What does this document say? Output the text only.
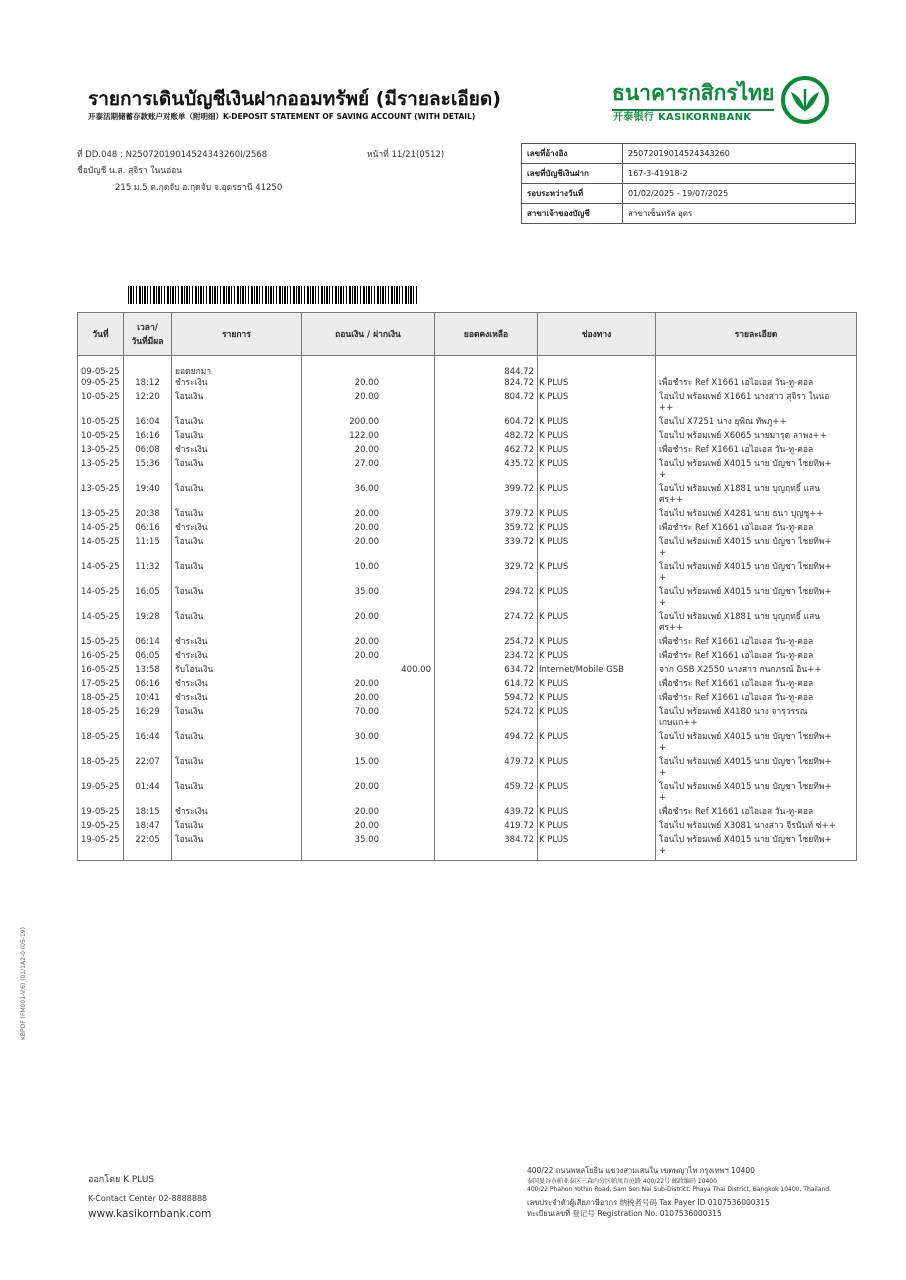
รายการเดินบัญชีเงินฝากออมทรัพย์ (มีรายละเอียด)
开泰活期储蓄存款账户对账单（附明细）K-DEPOSIT STATEMENT OF SAVING ACCOUNT (WITH DETAIL)
ธนาคารกสิกรไทย
开泰银行 KASIKORNBANK
ที่ DD.048 : N2507201901452434326​0I/2568	หน้าที่ 11/21(0512)
ชื่อบัญชี น.ส. สุจิรา ในนอ่อน
215 ม.5 ต.กุดจับ อ.กุดจับ จ.อุดรธานี 41250
เลขที่อ้างอิง	250720190145243432​60
เลขที่บัญชีเงินฝาก	167-3-41918-2
รอบระหว่างวันที่	01/02/2025 - 19/07/2025
สาขาเจ้าของบัญชี	สาขาเซ็นทรัล อุดร
วันที่	เวลา/
วันที่มีผล	รายการ	ถอนเงิน / ฝากเงิน	ยอดคงเหลือ	ช่องทาง	รายละเอียด
09-05-25		ยอดยกมา		844.72		
09-05-25	18:12	ชำระเงิน	20.00	824.72	K PLUS	เพื่อชำระ Ref X1661 เอไอเอส วัน-ทู-คอล
10-05-25	12:20	โอนเงิน	20.00	804.72	K PLUS	โอนไป พร้อมเพย์ X1661 นางสาว สุจิรา ในนอ
++
10-05-25	16:04	โอนเงิน	200.00	604.72	K PLUS	โอนไป X7251 นาง ยุพิณ ทัพภู++
10-05-25	16:16	โอนเงิน	122.00	482.72	K PLUS	โอนไป พร้อมเพย์ X6065 นายมารุต ลาพง++
13-05-25	06:08	ชำระเงิน	20.00	462.72	K PLUS	เพื่อชำระ Ref X1661 เอไอเอส วัน-ทู-คอล
13-05-25	15:36	โอนเงิน	27.00	435.72	K PLUS	โอนไป พร้อมเพย์ X4015 นาย บัญชา ไชยทิพ+
+
13-05-25	19:40	โอนเงิน	36.00	399.72	K PLUS	โอนไป พร้อมเพย์ X1881 นาย บุญฤทธิ์ แสน
ศร++
13-05-25	20:38	โอนเงิน	20.00	379.72	K PLUS	โอนไป พร้อมเพย์ X4281 นาย ธนา บุญชู++
14-05-25	06:16	ชำระเงิน	20.00	359.72	K PLUS	เพื่อชำระ Ref X1661 เอไอเอส วัน-ทู-คอล
14-05-25	11:15	โอนเงิน	20.00	339.72	K PLUS	โอนไป พร้อมเพย์ X4015 นาย บัญชา ไชยทิพ+
+
14-05-25	11:32	โอนเงิน	10.00	329.72	K PLUS	โอนไป พร้อมเพย์ X4015 นาย บัญชา ไชยทิพ+
+
14-05-25	16:05	โอนเงิน	35.00	294.72	K PLUS	โอนไป พร้อมเพย์ X4015 นาย บัญชา ไชยทิพ+
+
14-05-25	19:28	โอนเงิน	20.00	274.72	K PLUS	โอนไป พร้อมเพย์ X1881 นาย บุญฤทธิ์ แสน
ศร++
15-05-25	06:14	ชำระเงิน	20.00	254.72	K PLUS	เพื่อชำระ Ref X1661 เอไอเอส วัน-ทู-คอล
16-05-25	06:05	ชำระเงิน	20.00	234.72	K PLUS	เพื่อชำระ Ref X1661 เอไอเอส วัน-ทู-คอล
16-05-25	13:58	รับโอนเงิน	400.00	634.72	Internet/Mobile GSB	จาก GSB X2550 นางสาว กนกภรณ์ อิน++
17-05-25	06:16	ชำระเงิน	20.00	614.72	K PLUS	เพื่อชำระ Ref X1661 เอไอเอส วัน-ทู-คอล
18-05-25	10:41	ชำระเงิน	20.00	594.72	K PLUS	เพื่อชำระ Ref X1661 เอไอเอส วัน-ทู-คอล
18-05-25	16:29	โอนเงิน	70.00	524.72	K PLUS	โอนไป พร้อมเพย์ X4180 นาง จารุวรรณ
เกษแก++
18-05-25	16:44	โอนเงิน	30.00	494.72	K PLUS	โอนไป พร้อมเพย์ X4015 นาย บัญชา ไชยทิพ+
+
18-05-25	22:07	โอนเงิน	15.00	479.72	K PLUS	โอนไป พร้อมเพย์ X4015 นาย บัญชา ไชยทิพ+
+
19-05-25	01:44	โอนเงิน	20.00	459.72	K PLUS	โอนไป พร้อมเพย์ X4015 นาย บัญชา ไชยทิพ+
+
19-05-25	18:15	ชำระเงิน	20.00	439.72	K PLUS	เพื่อชำระ Ref X1661 เอไอเอส วัน-ทู-คอล
19-05-25	18:47	โอนเงิน	20.00	419.72	K PLUS	โอนไป พร้อมเพย์ X3081 นางสาว จีรนันท์ ซ่++
19-05-25	22:05	โอนเงิน	35.00	384.72	K PLUS	โอนไป พร้อมเพย์ X4015 นาย บัญชา ไชยทิพ+
+
ออกโดย K PLUS
K-Contact Center 02-8888888
www.kasikornbank.com
400/22 ถนนพหลโยธิน แขวงสามเสนใน เขตพญาไท กรุงเทพฯ 10400
泰国曼谷市帕亚泰区三森内分区帕凤育庭路 400/22号 邮政编码 10400
400/22 Phahon Yothin Road, Sam Sen Nai Sub-District, Phaya Thai District, Bangkok 10400, Thailand.
เลขประจำตัวผู้เสียภาษีอากร 纳税者号码 Tax Payer ID 0107536000315
ทะเบียนเลขที่ 登记号 Registration No. 0107536000315
KBPDF (FM001-V.6) (01/1A2-0 (05-19)
